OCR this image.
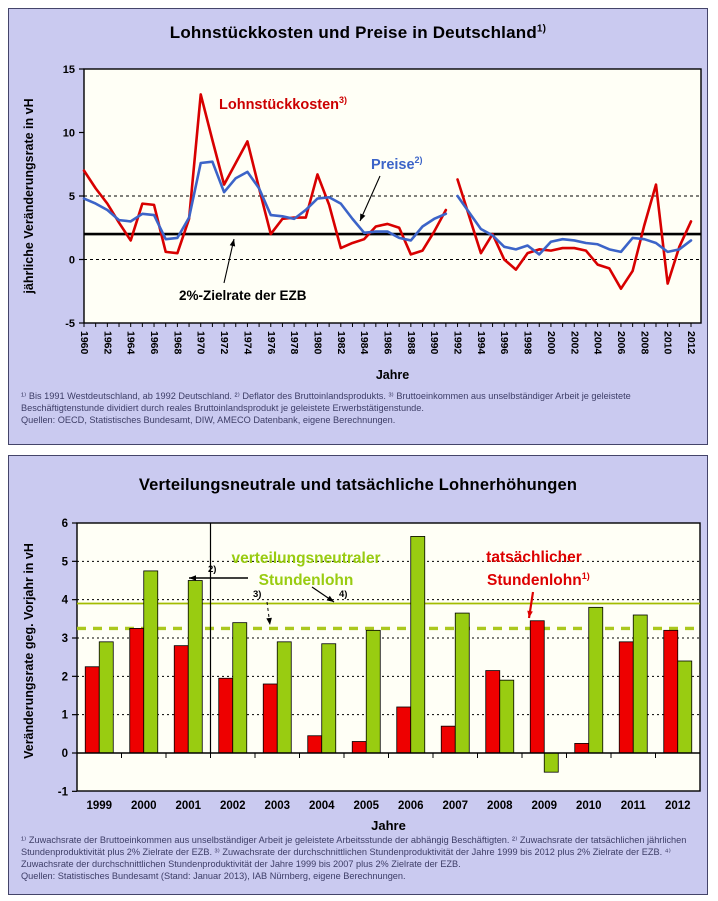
Lohnstückkosten und Preise in Deutschland$^{1)}$
15
10
5
0
-5
1960 1962 1964 1966 1968 1970 1972 1974 1976 1978 1980 1982 1984 1986 1988 1990 1992 1994 1996 1998 2000 2002 2004 2006 2008 2010 2012
Jahre
jährliche Veränderungsrate in vH	Lohnstückkosten$^{3)}$
Preise$^{2)}$
2%-Zielrate der EZB
¹⁾ Bis 1991 Westdeutschland, ab 1992 Deutschland. ²⁾ Deflator des Bruttoinlandsprodukts. ³⁾ Bruttoeinkommen aus unselbständiger Arbeit je geleistete Beschäftigtenstunde dividiert durch reales Bruttoinlandsprodukt je geleistete Erwerbstätigenstunde.
Quellen: OECD, Statistisches Bundesamt, DIW, AMECO Datenbank, eigene Berechnungen.
Verteilungsneutrale und tatsächliche Lohnerhöhungen
1999 2000 2001 2002 2003 2004 2005 2006 2007 2008 2009 2010 2011 2012
6
5
4
3
2
1
0
-1
Jahre
Veränderungsrate geg. Vorjahr in vH	verteilungsneutraler
Stundenlohn
2)
3)	4)
tatsächlicher
Stundenlohn$^{1)}$
¹⁾ Zuwachsrate der Bruttoeinkommen aus unselbständiger Arbeit je geleistete Arbeitsstunde der abhängig Beschäftigten. ²⁾ Zuwachsrate der tatsächlichen jährlichen Stundenproduktivität plus 2% Zielrate der EZB. ³⁾ Zuwachsrate der durchschnittlichen Stundenproduktivität der Jahre 1999 bis 2012 plus 2% Zielrate der EZB. ⁴⁾ Zuwachsrate der durchschnittlichen Stundenproduktivität der Jahre 1999 bis 2007 plus 2% Zielrate der EZB.
Quellen: Statistisches Bundesamt (Stand: Januar 2013), IAB Nürnberg, eigene Berechnungen.
